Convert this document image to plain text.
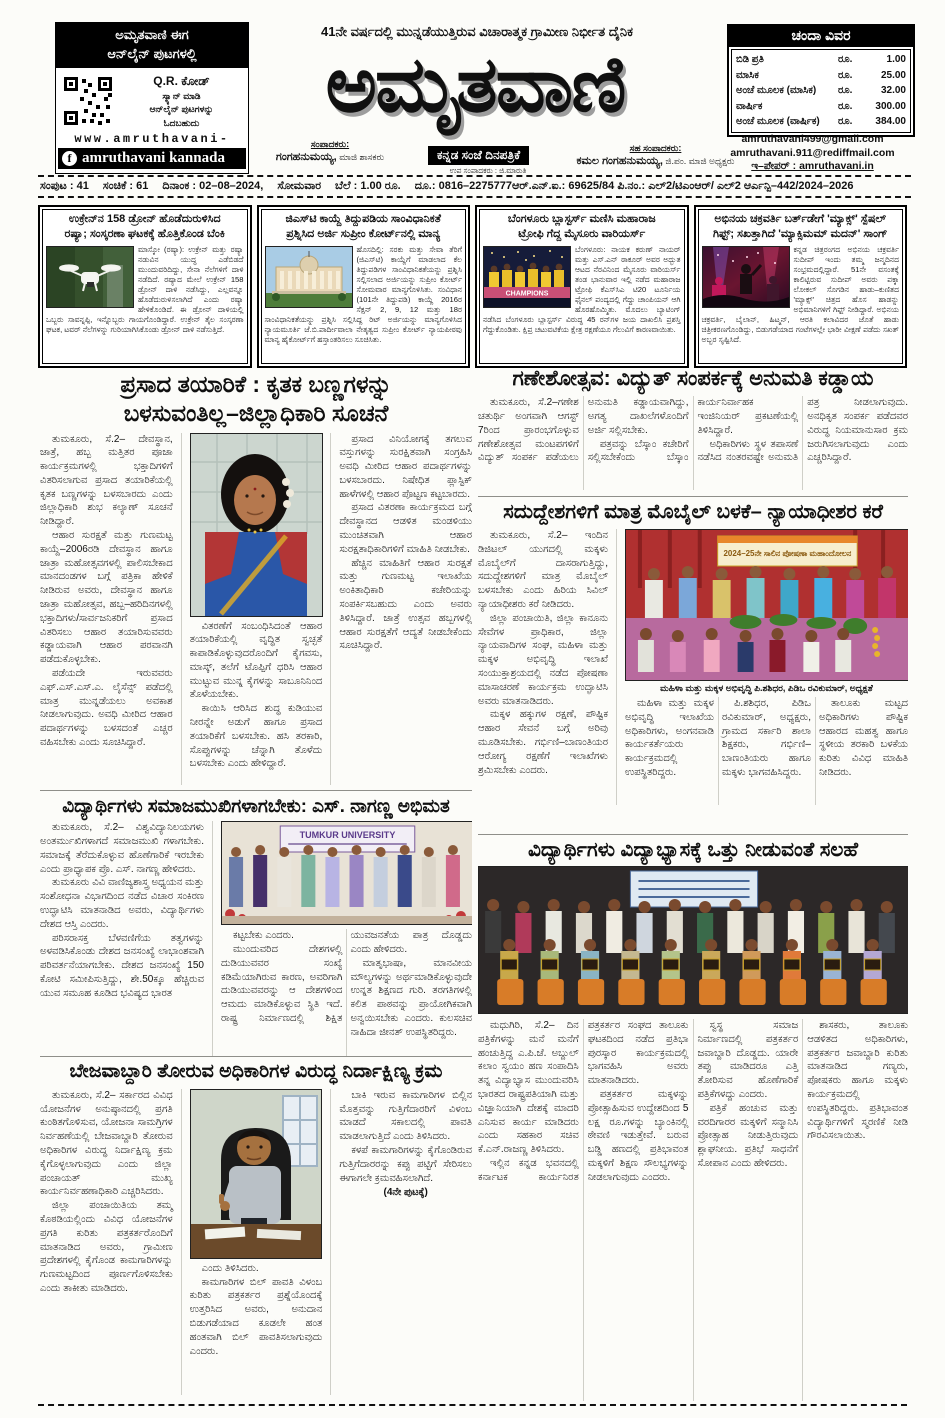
ಅಮೃತವಾಣಿ ಈಗ
ಆನ್‌ಲೈನ್ ಪುಟಗಳಲ್ಲಿ
Q.R. ಕೋಡ್
ಸ್ಕ್ಯಾನ್ ಮಾಡಿ
ಆನ್‌ಲೈನ್ ಪುಟಗಳನ್ನು
ಓದಬಹುದು
www.amruthavani-
f amruthavani kannada
41ನೇ ವರ್ಷದಲ್ಲಿ ಮುನ್ನಡೆಯುತ್ತಿರುವ ವಿಚಾರಾತ್ಮಕ ಗ್ರಾಮೀಣ ನಿರ್ಭೀತ ದೈನಿಕ
ಅಮೃತವಾಣಿ
ಸಂಪಾದಕರು:
ಗಂಗಹನುಮಯ್ಯ, ಮಾಜಿ ಶಾಸಕರು	ಕನ್ನಡ ಸಂಜೆ ದಿನಪತ್ರಿಕೆ
ಉಪ ಸಂಪಾದಕರು : ಜಿ.ಮಾರುತಿ
ಸಹ ಸಂಪಾದಕರು:
ಕಮಲ ಗಂಗಹನುಮಯ್ಯ, ಜಿ.ಪಂ. ಮಾಜಿ ಅಧ್ಯಕ್ಷರು
ಚಂದಾ ವಿವರ
ಬಿಡಿ ಪ್ರತಿ	ರೂ.	1.00
ಮಾಸಿಕ	ರೂ.	25.00
ಅಂಚೆ ಮೂಲಕ (ಮಾಸಿಕ)	ರೂ.	32.00
ವಾರ್ಷಿಕ	ರೂ.	300.00
ಅಂಚೆ ಮೂಲಕ (ವಾರ್ಷಿಕ)	ರೂ.	384.00
amruthavani499@gmail.com
amruthavani.911@rediffmail.com
ಇ–ಪೇಪರ್ : amruthavani.in
ಸಂಪುಟ : 41 ಸಂಚಿಕೆ : 61 ದಿನಾಂಕ : 02–08–2024, ಸೋಮವಾರ ಬೆಲೆ : 1.00 ರೂ. ದೂ.: 0816–2275777ಆರ್.ಎನ್.ಐ.: 69625/84 ಪಿ.ನಂ.: ಎಲ್2/ಟಿಎಂಆರ್/ ಎಲ್2 ಆರ್ಎನ್ಪಿ–442/2024–2026
ಉಕ್ರೇನ್‌ನ 158 ಡ್ರೋನ್ ಹೊಡೆದುರುಳಿಸಿದ
ರಷ್ಯಾ; ಸಂಸ್ಕರಣಾ ಘಟಕಕ್ಕೆ ಹೊತ್ತಿಕೊಂಡ ಬೆಂಕಿ

ಮಾಸ್ಕೋ (ರಷ್ಯಾ): ಉಕ್ರೇನ್ ಮತ್ತು ರಷ್ಯಾ ನಡುವಿನ ಯುದ್ಧ ಎಡೆಬಿಡದೆ ಮುಂದುವರಿದಿದ್ದು, ಸೇನಾ ನೆಲೆಗಳಿಗೆ ದಾಳಿ ನಡೆದಿದೆ. ರಷ್ಯಾದ ಮೇಲೆ ಉಕ್ರೇನ್ 158 ಡ್ರೋನ್ ದಾಳಿ ನಡೆಸಿದ್ದು, ಎಲ್ಲವನ್ನೂ ಹೊಡೆದುರುಳಿಸಲಾಗಿದೆ ಎಂದು ರಷ್ಯಾ ಹೇಳಿಕೊಂಡಿದೆ. ಈ ಡ್ರೋನ್ ದಾಳಿಯಲ್ಲಿ ಒಬ್ಬರು ಸಾವನ್ನಪ್ಪಿ, ಇನ್ನೊಬ್ಬರು ಗಾಯಗೊಂಡಿದ್ದಾರೆ. ಉಕ್ರೇನ್ ತೈಲ ಸಂಸ್ಕರಣಾ ಘಟಕ, ಟವರ್ ನೆಲೆಗಳನ್ನು ಗುರಿಯಾಗಿಸಿಕೊಂಡು ಡ್ರೋನ್ ದಾಳಿ ನಡೆಸುತ್ತಿದೆ.

ಜಿಎಸ್‌ಟಿ ಕಾಯ್ದೆ ತಿದ್ದುಪಡಿಯ ಸಾಂವಿಧಾನಿಕತೆ
ಪ್ರಶ್ನಿಸಿದ ಅರ್ಜಿ ಸುಪ್ರೀಂ ಕೋರ್ಟ್‌ನಲ್ಲಿ ಮಾನ್ಯ

ಹೊಸದಿಲ್ಲಿ: ಸರಕು ಮತ್ತು ಸೇವಾ ತೆರಿಗೆ (ಜಿಎಸ್‌ಟಿ) ಕಾಯ್ದೆಗೆ ಮಾಡಲಾದ ಕೆಲ ತಿದ್ದುಪಡಿಗಳ ಸಾಂವಿಧಾನಿಕತೆಯನ್ನು ಪ್ರಶ್ನಿಸಿ ಸಲ್ಲಿಸಲಾದ ಅರ್ಜಿಯನ್ನು ಸುಪ್ರೀಂ ಕೋರ್ಟ್ ಸೋಮವಾರ ಮಾನ್ಯಗೊಳಿಸಿತು. ಸಂವಿಧಾನ (101ನೇ ತಿದ್ದುಪಡಿ) ಕಾಯ್ದೆ 2016ರ ಸೆಕ್ಷನ್ 2, 9, 12 ಮತ್ತು 18ರ ಸಾಂವಿಧಾನಿಕತೆಯನ್ನು ಪ್ರಶ್ನಿಸಿ ಸಲ್ಲಿಸಿದ್ದ ರಿಟ್ ಅರ್ಜಿಯನ್ನು ಮಾನ್ಯಗೊಳಿಸಿದ ನ್ಯಾಯಮೂರ್ತಿ ಜೆ.ಬಿ.ಪಾರ್ದೀವಾಲಾ ನೇತೃತ್ವದ ಸುಪ್ರೀಂ ಕೋರ್ಟ್ ನ್ಯಾಯಪೀಠವು ಮಾನ್ಯ ಹೈಕೋರ್ಟ್‌ಗೆ ಹಸ್ತಾಂತರಿಸಲು ಸೂಚಿಸಿತು.

ಬೆಂಗಳೂರು ಬ್ಲಾಸ್ಟರ್ಸ್ ಮಣಿಸಿ ಮಹಾರಾಜ
ಟ್ರೋಫಿ ಗೆದ್ದ ಮೈಸೂರು ವಾರಿಯರ್ಸ್
CHAMPIONS

ಬೆಂಗಳೂರು: ನಾಯಕ ಕರುಣ್ ನಾಯರ್ ಮತ್ತು ಎಸ್.ಎನ್ ಠಾಕೂರ್ ಅವರ ಅದ್ಭುತ ಆಟದ ನೆರವಿನಿಂದ ಮೈಸೂರು ವಾರಿಯರ್ಸ್ ತಂಡ ಭಾನುವಾರ ಇಲ್ಲಿ ನಡೆದ ಮಹಾರಾಜ ಟ್ರೋಫಿ ಕೆಎಸ್‌ಸಿಎ ಟಿ20 ಟೂರ್ನಿಯ ಫೈನಲ್ ಪಂದ್ಯದಲ್ಲಿ ಗೆದ್ದು ಚಾಂಪಿಯನ್ ಆಗಿ ಹೊರಹೊಮ್ಮಿತು. ಮೊದಲು ಬ್ಯಾಟಿಂಗ್ ನಡೆಸಿದ ಬೆಂಗಳೂರು ಬ್ಲಾಸ್ಟರ್ಸ್ ವಿರುದ್ಧ 45 ರನ್‌ಗಳ ಜಯ ದಾಖಲಿಸಿ ಪ್ರಶಸ್ತಿ ಗೆದ್ದುಕೊಂಡಿತು. ಕ್ಷಿಪ್ರ ಚಟುವಟಿಕೆಯ ಕ್ಷೇತ್ರ ರಕ್ಷಣೆಯೂ ಗೆಲುವಿಗೆ ಕಾರಣವಾಯಿತು.

ಅಭಿನಯ ಚಕ್ರವರ್ತಿ ಬರ್ತ್‌ಡೇಗೆ 'ಮ್ಯಾಕ್ಸ್' ಸ್ಪೆಷಲ್
ಗಿಫ್ಟ್; ಸಖತ್ತಾಗಿದೆ 'ಮ್ಯಾಕ್ಸಿಮಮ್ ಮದನ್' ಸಾಂಗ್

ಕನ್ನಡ ಚಿತ್ರರಂಗದ ಅಭಿನಯ ಚಕ್ರವರ್ತಿ ಸುದೀಪ್ ಇಂದು ತಮ್ಮ ಜನ್ಮದಿನದ ಸಂಭ್ರಮದಲ್ಲಿದ್ದಾರೆ. 51ನೇ ವಸಂತಕ್ಕೆ ಕಾಲಿಟ್ಟಿರುವ ಸುದೀಪ್ ಅವರು ಪಕ್ಕಾ ಲೋಕಲ್ ಸೊಗಡಿನ ಹಾಡು–ಕುಣಿತದ 'ಮ್ಯಾಕ್ಸ್' ಚಿತ್ರದ ಹೊಸ ಹಾಡನ್ನು ಅಭಿಮಾನಿಗಳಿಗೆ ಗಿಫ್ಟ್ ನೀಡಿದ್ದಾರೆ. ಅಭಿನಯ ಚಕ್ರವರ್ತಿ, ಬೈಲಾನ್, ಹಿಟ್ಮನ್, ಆರತಿ ಕಲಾವಿದರ ಜೊತೆ ಹಾಡು ಚಿತ್ರೀಕರಣಗೊಂಡಿದ್ದು, ಬಿಡುಗಡೆಯಾದ ಗಂಟೆಗಳಲ್ಲೇ ಭಾರೀ ವೀಕ್ಷಣೆ ಪಡೆದು ಸಖತ್ ಅಬ್ಬರ ಸೃಷ್ಟಿಸಿದೆ.

ಪ್ರಸಾದ ತಯಾರಿಕೆ : ಕೃತಕ ಬಣ್ಣಗಳನ್ನು
ಬಳಸುವಂತಿಲ್ಲ–ಜಿಲ್ಲಾಧಿಕಾರಿ ಸೂಚನೆ

ತುಮಕೂರು, ಸೆ.2– ದೇವಸ್ಥಾನ, ಜಾತ್ರೆ, ಹಬ್ಬ ಮತ್ತಿತರ ಪೂಜಾ ಕಾರ್ಯಕ್ರಮಗಳಲ್ಲಿ ಭಕ್ತಾದಿಗಳಿಗೆ ವಿತರಿಸಲಾಗುವ ಪ್ರಸಾದ ತಯಾರಿಕೆಯಲ್ಲಿ ಕೃತಕ ಬಣ್ಣಗಳನ್ನು ಬಳಸಬಾರದು ಎಂದು ಜಿಲ್ಲಾಧಿಕಾರಿ ಶುಭ ಕಲ್ಯಾಣ್ ಸೂಚನೆ ನೀಡಿದ್ದಾರೆ.

ಆಹಾರ ಸುರಕ್ಷತೆ ಮತ್ತು ಗುಣಮಟ್ಟ ಕಾಯ್ದೆ–2006ರಡಿ ದೇವಸ್ಥಾನ ಹಾಗೂ ಜಾತ್ರಾ ಮಹೋತ್ಸವಗಳಲ್ಲಿ ಪಾಲಿಸಬೇಕಾದ ಮಾನದಂಡಗಳ ಬಗ್ಗೆ ಪತ್ರಿಕಾ ಹೇಳಿಕೆ ನೀಡಿರುವ ಅವರು, ದೇವಸ್ಥಾನ ಹಾಗೂ ಜಾತ್ರಾ ಮಹೋತ್ಸವ, ಹಬ್ಬ–ಹರಿದಿನಗಳಲ್ಲಿ ಭಕ್ತಾದಿಗಳು/ಸಾರ್ವಜನಿಕರಿಗೆ ಪ್ರಸಾದ ವಿತರಿಸಲು ಆಹಾರ ತಯಾರಿಸುವವರು ಕಡ್ಡಾಯವಾಗಿ ಆಹಾರ ಪರವಾನಗಿ ಪಡೆದುಕೊಳ್ಳಬೇಕು.

ಪಡೆಯದೇ ಇರುವವರು ಎಫ್.ಎಸ್.ಎಸ್.ಎ. ಲೈಸೆನ್ಸ್ ಪಡೆದಲ್ಲಿ ಮಾತ್ರ ಮುನ್ನಡೆಯಲು ಅವಕಾಶ ನೀಡಲಾಗುವುದು. ಅವಧಿ ಮೀರಿದ ಆಹಾರ ಪದಾರ್ಥಗಳನ್ನು ಬಳಸದಂತೆ ಎಚ್ಚರ ವಹಿಸಬೇಕು ಎಂದು ಸೂಚಿಸಿದ್ದಾರೆ.

ವಿತರಣೆಗೆ ಸಂಬಂಧಿಸಿದಂತೆ ಆಹಾರ ತಯಾರಿಕೆಯಲ್ಲಿ ವೃದ್ಧಿತ ಸ್ವಚ್ಛತೆ ಕಾಪಾಡಿಕೊಳ್ಳುವುದರೊಂದಿಗೆ ಕೈಗವಸು, ಮಾಸ್ಕ್, ತಲೆಗೆ ಟೊಪ್ಪಿಗೆ ಧರಿಸಿ ಆಹಾರ ಮುಟ್ಟುವ ಮುನ್ನ ಕೈಗಳನ್ನು ಸಾಬೂನಿನಿಂದ ತೊಳೆಯಬೇಕು.

ಕಾಯಿಸಿ ಆರಿಸಿದ ಶುದ್ಧ ಕುಡಿಯುವ ನೀರನ್ನೇ ಅಡುಗೆ ಹಾಗೂ ಪ್ರಸಾದ ತಯಾರಿಕೆಗೆ ಬಳಸಬೇಕು. ಹಸಿ ತರಕಾರಿ, ಸೊಪ್ಪುಗಳನ್ನು ಚೆನ್ನಾಗಿ ತೊಳೆದು ಬಳಸಬೇಕು ಎಂದು ಹೇಳಿದ್ದಾರೆ.

ಪ್ರಸಾದ ವಿನಿಯೋಗಕ್ಕೆ ತಗಲುವ ವಸ್ತುಗಳನ್ನು ಸುರಕ್ಷಿತವಾಗಿ ಸಂಗ್ರಹಿಸಿ ಅವಧಿ ಮೀರಿದ ಆಹಾರ ಪದಾರ್ಥಗಳನ್ನು ಬಳಸಬಾರದು. ನಿಷೇಧಿತ ಪ್ಲಾಸ್ಟಿಕ್ ಹಾಳೆಗಳಲ್ಲಿ ಆಹಾರ ಪೊಟ್ಟಣ ಕಟ್ಟಬಾರದು.

ಪ್ರಸಾದ ವಿತರಣಾ ಕಾರ್ಯಕ್ರಮದ ಬಗ್ಗೆ ದೇವಸ್ಥಾನದ ಆಡಳಿತ ಮಂಡಳಿಯು ಮುಂಚಿತವಾಗಿ ಆಹಾರ ಸುರಕ್ಷತಾಧಿಕಾರಿಗಳಿಗೆ ಮಾಹಿತಿ ನೀಡಬೇಕು.

ಹೆಚ್ಚಿನ ಮಾಹಿತಿಗೆ ಆಹಾರ ಸುರಕ್ಷತೆ ಮತ್ತು ಗುಣಮಟ್ಟ ಇಲಾಖೆಯ ಅಂಕಿತಾಧಿಕಾರಿ ಕಚೇರಿಯನ್ನು ಸಂಪರ್ಕಿಸಬಹುದು ಎಂದು ಅವರು ತಿಳಿಸಿದ್ದಾರೆ. ಜಾತ್ರೆ ಉತ್ಸವ ಹಬ್ಬಗಳಲ್ಲಿ ಆಹಾರ ಸುರಕ್ಷತೆಗೆ ಆದ್ಯತೆ ನೀಡಬೇಕೆಂದು ಸೂಚಿಸಿದ್ದಾರೆ.

ಗಣೇಶೋತ್ಸವ: ವಿದ್ಯುತ್ ಸಂಪರ್ಕಕ್ಕೆ ಅನುಮತಿ ಕಡ್ಡಾಯ

ತುಮಕೂರು, ಸೆ.2–ಗಣೇಶ ಚತುರ್ಥಿ ಅಂಗವಾಗಿ ಆಗಸ್ಟ್ 7ರಿಂದ ಪ್ರಾರಂಭಗೊಳ್ಳುವ ಗಣೇಶೋತ್ಸವ ಮಂಟಪಗಳಿಗೆ ವಿದ್ಯುತ್ ಸಂಪರ್ಕ ಪಡೆಯಲು ಅನುಮತಿ ಕಡ್ಡಾಯವಾಗಿದ್ದು, ಅಗತ್ಯ ದಾಖಲೆಗಳೊಂದಿಗೆ ಅರ್ಜಿ ಸಲ್ಲಿಸಬೇಕು.

ಪತ್ರವನ್ನು ಬೆಸ್ಕಾಂ ಕಚೇರಿಗೆ ಸಲ್ಲಿಸಬೇಕೆಂದು ಬೆಸ್ಕಾಂ ಕಾರ್ಯನಿರ್ವಾಹಕ ಇಂಜಿನಿಯರ್ ಪ್ರಕಟಣೆಯಲ್ಲಿ ತಿಳಿಸಿದ್ದಾರೆ.

ಅಧಿಕಾರಿಗಳು ಸ್ಥಳ ತಪಾಸಣೆ ನಡೆಸಿದ ನಂತರವಷ್ಟೇ ಅನುಮತಿ ಪತ್ರ ನೀಡಲಾಗುವುದು. ಅನಧಿಕೃತ ಸಂಪರ್ಕ ಪಡೆದವರ ವಿರುದ್ಧ ನಿಯಮಾನುಸಾರ ಕ್ರಮ ಜರುಗಿಸಲಾಗುವುದು ಎಂದು ಎಚ್ಚರಿಸಿದ್ದಾರೆ.

ಸದುದ್ದೇಶಗಳಿಗೆ ಮಾತ್ರ ಮೊಬೈಲ್ ಬಳಕೆ– ನ್ಯಾಯಾಧೀಶರ ಕರೆ

ತುಮಕೂರು, ಸೆ.2– ಇಂದಿನ ಡಿಜಿಟಲ್ ಯುಗದಲ್ಲಿ ಮಕ್ಕಳು ಮೊಬೈಲ್‌ಗೆ ದಾಸರಾಗುತ್ತಿದ್ದು, ಸದುದ್ದೇಶಗಳಿಗೆ ಮಾತ್ರ ಮೊಬೈಲ್ ಬಳಸಬೇಕು ಎಂದು ಹಿರಿಯ ಸಿವಿಲ್ ನ್ಯಾಯಾಧೀಶರು ಕರೆ ನೀಡಿದರು.

ಜಿಲ್ಲಾ ಪಂಚಾಯಿತಿ, ಜಿಲ್ಲಾ ಕಾನೂನು ಸೇವೆಗಳ ಪ್ರಾಧಿಕಾರ, ಜಿಲ್ಲಾ ನ್ಯಾಯವಾದಿಗಳ ಸಂಘ, ಮಹಿಳಾ ಮತ್ತು ಮಕ್ಕಳ ಅಭಿವೃದ್ಧಿ ಇಲಾಖೆ ಸಂಯುಕ್ತಾಶ್ರಯದಲ್ಲಿ ನಡೆದ ಪೋಷಣಾ ಮಾಸಾಚರಣೆ ಕಾರ್ಯಕ್ರಮ ಉದ್ಘಾಟಿಸಿ ಅವರು ಮಾತನಾಡಿದರು.

ಮಕ್ಕಳ ಹಕ್ಕುಗಳ ರಕ್ಷಣೆ, ಪೌಷ್ಟಿಕ ಆಹಾರ ಸೇವನೆ ಬಗ್ಗೆ ಅರಿವು ಮೂಡಿಸಬೇಕು. ಗರ್ಭಿಣಿ–ಬಾಣಂತಿಯರ ಆರೋಗ್ಯ ರಕ್ಷಣೆಗೆ ಇಲಾಖೆಗಳು ಶ್ರಮಿಸಬೇಕು ಎಂದರು.

2024–25ನೇ ಸಾಲಿನ ಪೋಷಣಾ ಮಹಾಂದೋಲನ
ಮಹಿಳಾ ಮತ್ತು ಮಕ್ಕಳ ಅಭಿವೃದ್ಧಿ ಪಿ.ಶಶಿಧರ, ಪಿಡಿಒ ರವಿಕುಮಾರ್, ಅಧ್ಯಕ್ಷತೆ

ಮಹಿಳಾ ಮತ್ತು ಮಕ್ಕಳ ಅಭಿವೃದ್ಧಿ ಇಲಾಖೆಯ ಅಧಿಕಾರಿಗಳು, ಅಂಗನವಾಡಿ ಕಾರ್ಯಕರ್ತೆಯರು ಕಾರ್ಯಕ್ರಮದಲ್ಲಿ ಉಪಸ್ಥಿತರಿದ್ದರು.

ಪಿ.ಶಶಿಧರ, ಪಿಡಿಒ ರವಿಕುಮಾರ್, ಅಧ್ಯಕ್ಷರು, ಗ್ರಾಮದ ಸರ್ಕಾರಿ ಶಾಲಾ ಶಿಕ್ಷಕರು, ಗರ್ಭಿಣಿ–ಬಾಣಂತಿಯರು ಹಾಗೂ ಮಕ್ಕಳು ಭಾಗವಹಿಸಿದ್ದರು.

ತಾಲೂಕು ಮಟ್ಟದ ಅಧಿಕಾರಿಗಳು ಪೌಷ್ಟಿಕ ಆಹಾರದ ಮಹತ್ವ ಹಾಗೂ ಸ್ಥಳೀಯ ತರಕಾರಿ ಬಳಕೆಯ ಕುರಿತು ವಿವಿಧ ಮಾಹಿತಿ ನೀಡಿದರು.

ವಿದ್ಯಾರ್ಥಿಗಳು ಸಮಾಜಮುಖಿಗಳಾಗಬೇಕು: ಎಸ್. ನಾಗಣ್ಣ ಅಭಿಮತ

ತುಮಕೂರು, ಸೆ.2– ವಿಶ್ವವಿದ್ಯಾನಿಲಯಗಳು ಅಂತರ್ಮುಖಿಗಳಾಗದೆ ಸಮಾಜಮುಖಿ ಗಳಾಗಬೇಕು. ಸಮಾಜಕ್ಕೆ ತೆರೆದುಕೊಳ್ಳುವ ಹೊಣೆಗಾರಿಕೆ ಇರಬೇಕು ಎಂದು ಪ್ರಾಧ್ಯಾಪಕ ಪ್ರೊ. ಎಸ್. ನಾಗಣ್ಣ ಹೇಳಿದರು.

ತುಮಕೂರು ವಿವಿ ವಾಣಿಜ್ಯಶಾಸ್ತ್ರ ಅಧ್ಯಯನ ಮತ್ತು ಸಂಶೋಧನಾ ವಿಭಾಗದಿಂದ ನಡೆದ ವಿಚಾರ ಸಂಕಿರಣ ಉದ್ಘಾಟಿಸಿ ಮಾತನಾಡಿದ ಅವರು, ವಿದ್ಯಾರ್ಥಿಗಳು ದೇಶದ ಆಸ್ತಿ ಎಂದರು.

ಪರಿಸರಾಸಕ್ತ ಬೆಳವಣಿಗೆಯ ತತ್ವಗಳನ್ನು ಅಳವಡಿಸಿಕೊಂಡು ದೇಶದ ಜನಸಂಖ್ಯೆ ಲಾಭಾಂಶವಾಗಿ ಪರಿವರ್ತನೆಯಾಗಬೇಕು. ದೇಶದ ಜನಸಂಖ್ಯೆ 150 ಕೋಟಿ ಸಮೀಪಿಸುತ್ತಿದ್ದು, ಶೇ.50ಕ್ಕೂ ಹೆಚ್ಚಿರುವ ಯುವ ಸಮೂಹ ಕೂಡಿದ ಭವಿಷ್ಯದ ಭಾರತ

TUMKUR UNIVERSITY

ಕಟ್ಟಬೇಕು ಎಂದರು.

ಮುಂದುವರಿದ ದೇಶಗಳಲ್ಲಿ ದುಡಿಯುವವರ ಸಂಖ್ಯೆ ಕಡಿಮೆಯಾಗಿರುವ ಕಾರಣ, ಅವರಿಗಾಗಿ ದುಡಿಯುವವರನ್ನು ಆ ದೇಶಗಳಿಂದ ಆಮದು ಮಾಡಿಕೊಳ್ಳುವ ಸ್ಥಿತಿ ಇದೆ. ರಾಷ್ಟ್ರ ನಿರ್ಮಾಣದಲ್ಲಿ ಶಿಕ್ಷಿತ ಯುವಜನತೆಯ ಪಾತ್ರ ದೊಡ್ಡದು ಎಂದು ಹೇಳಿದರು.

ಮಾತೃಭಾಷಾ, ಮಾನವೀಯ ಮೌಲ್ಯಗಳನ್ನು ಅರ್ಥಮಾಡಿಕೊಳ್ಳುವುದೇ ಉನ್ನತ ಶಿಕ್ಷಣದ ಗುರಿ. ತರಗತಿಗಳಲ್ಲಿ ಕಲಿತ ಪಾಠವನ್ನು ಪ್ರಾಯೋಗಿಕವಾಗಿ ಅನ್ವಯಿಸಬೇಕು ಎಂದರು. ಕುಲಸಚಿವ ನಾಹಿದಾ ಜೀನತ್ ಉಪಸ್ಥಿತರಿದ್ದರು.

ವಿದ್ಯಾರ್ಥಿಗಳು ವಿದ್ಯಾಭ್ಯಾಸಕ್ಕೆ ಒತ್ತು ನೀಡುವಂತೆ ಸಲಹೆ

ಮಧುಗಿರಿ, ಸೆ.2– ದಿನ ಪತ್ರಿಕೆಗಳನ್ನು ಮನೆ ಮನೆಗೆ ಹಂಚುತ್ತಿದ್ದ ಎ.ಪಿ.ಜೆ. ಅಬ್ದುಲ್ ಕಲಾಂ ಸ್ವಯಂ ಹಣ ಸಂಪಾದಿಸಿ ತನ್ನ ವಿದ್ಯಾಭ್ಯಾಸ ಮುಂದುವರಿಸಿ ಭಾರತದ ರಾಷ್ಟ್ರಪತಿಯಾಗಿ ಮತ್ತು ವಿಜ್ಞಾನಿಯಾಗಿ ದೇಶಕ್ಕೆ ಮಾದರಿ ಎನಿಸುವ ಕಾರ್ಯ ಮಾಡಿದರು ಎಂದು ಸಹಕಾರ ಸಚಿವ ಕೆ.ಎನ್.ರಾಜಣ್ಣ ತಿಳಿಸಿದರು.

ಇಲ್ಲಿನ ಕನ್ನಡ ಭವನದಲ್ಲಿ ಕರ್ನಾಟಕ ಕಾರ್ಯನಿರತ ಪತ್ರಕರ್ತರ ಸಂಘದ ತಾಲೂಕು ಘಟಕದಿಂದ ನಡೆದ ಪ್ರತಿಭಾ ಪುರಸ್ಕಾರ ಕಾರ್ಯಕ್ರಮದಲ್ಲಿ ಭಾಗವಹಿಸಿ ಅವರು ಮಾತನಾಡಿದರು.

ಪತ್ರಕರ್ತರ ಮಕ್ಕಳನ್ನು ಪ್ರೋತ್ಸಾಹಿಸುವ ಉದ್ದೇಶದಿಂದ 5 ಲಕ್ಷ ರೂ.ಗಳನ್ನು ಬ್ಯಾಂಕಿನಲ್ಲಿ ಠೇವಣಿ ಇಡುತ್ತೇವೆ. ಬರುವ ಬಡ್ಡಿ ಹಣದಲ್ಲಿ ಪ್ರತಿಭಾವಂತ ಮಕ್ಕಳಿಗೆ ಶಿಕ್ಷಣ ಸೌಲಭ್ಯಗಳನ್ನು ನೀಡಲಾಗುವುದು ಎಂದರು.

ಸ್ವಸ್ಥ ಸಮಾಜ ನಿರ್ಮಾಣದಲ್ಲಿ ಪತ್ರಕರ್ತರ ಜವಾಬ್ದಾರಿ ದೊಡ್ಡದು. ಯಾರೇ ತಪ್ಪು ಮಾಡಿದರೂ ಎತ್ತಿ ತೋರಿಸುವ ಹೊಣೆಗಾರಿಕೆ ಪತ್ರಿಕೆಗಳದ್ದು ಎಂದರು.

ಪತ್ರಿಕೆ ಹಂಚುವ ಮತ್ತು ವರದಿಗಾರರ ಮಕ್ಕಳಿಗೆ ಸನ್ಮಾನಿಸಿ ಪ್ರೋತ್ಸಾಹ ನೀಡುತ್ತಿರುವುದು ಶ್ಲಾಘನೀಯ. ಪ್ರತಿಭೆ ಸಾಧನೆಗೆ ಸೋಪಾನ ಎಂದು ಹೇಳಿದರು.

ಶಾಸಕರು, ತಾಲೂಕು ಆಡಳಿತದ ಅಧಿಕಾರಿಗಳು, ಪತ್ರಕರ್ತರ ಜವಾಬ್ದಾರಿ ಕುರಿತು ಮಾತನಾಡಿದ ಗಣ್ಯರು, ಪೋಷಕರು ಹಾಗೂ ಮಕ್ಕಳು ಕಾರ್ಯಕ್ರಮದಲ್ಲಿ ಉಪಸ್ಥಿತರಿದ್ದರು. ಪ್ರತಿಭಾವಂತ ವಿದ್ಯಾರ್ಥಿಗಳಿಗೆ ಸ್ಮರಣಿಕೆ ನೀಡಿ ಗೌರವಿಸಲಾಯಿತು.

ಬೇಜವಾಬ್ದಾರಿ ತೋರುವ ಅಧಿಕಾರಿಗಳ ವಿರುದ್ಧ ನಿರ್ದಾಕ್ಷಿಣ್ಯ ಕ್ರಮ

ತುಮಕೂರು, ಸೆ.2– ಸರ್ಕಾರದ ವಿವಿಧ ಯೋಜನೆಗಳ ಅನುಷ್ಠಾನದಲ್ಲಿ ಪ್ರಗತಿ ಕುಂಠಿತಗೊಳಿಸುವ, ಯೋಜನಾ ಸಾಮಗ್ರಿಗಳ ನಿರ್ವಹಣೆಯಲ್ಲಿ ಬೇಜವಾಬ್ದಾರಿ ತೋರುವ ಅಧಿಕಾರಿಗಳ ವಿರುದ್ಧ ನಿರ್ದಾಕ್ಷಿಣ್ಯ ಕ್ರಮ ಕೈಗೊಳ್ಳಲಾಗುವುದು ಎಂದು ಜಿಲ್ಲಾ ಪಂಚಾಯತ್ ಮುಖ್ಯ ಕಾರ್ಯನಿರ್ವಹಣಾಧಿಕಾರಿ ಎಚ್ಚರಿಸಿದರು.

ಜಿಲ್ಲಾ ಪಂಚಾಯಿತಿಯ ತಮ್ಮ ಕೊಠಡಿಯಲ್ಲಿಂದು ವಿವಿಧ ಯೋಜನೆಗಳ ಪ್ರಗತಿ ಕುರಿತು ಪತ್ರಕರ್ತರೊಂದಿಗೆ ಮಾತನಾಡಿದ ಅವರು, ಗ್ರಾಮೀಣ ಪ್ರದೇಶಗಳಲ್ಲಿ ಕೈಗೊಂಡ ಕಾಮಗಾರಿಗಳನ್ನು ಗುಣಮಟ್ಟದಿಂದ ಪೂರ್ಣಗೊಳಿಸಬೇಕು ಎಂದು ತಾಕೀತು ಮಾಡಿದರು.

ಎಂದು ತಿಳಿಸಿದರು.

ಕಾಮಗಾರಿಗಳ ಬಿಲ್ ಪಾವತಿ ವಿಳಂಬ ಕುರಿತು ಪತ್ರಕರ್ತರ ಪ್ರಶ್ನೆಯೊಂದಕ್ಕೆ ಉತ್ತರಿಸಿದ ಅವರು, ಅನುದಾನ ಬಿಡುಗಡೆಯಾದ ಕೂಡಲೇ ಹಂತ ಹಂತವಾಗಿ ಬಿಲ್ ಪಾವತಿಸಲಾಗುವುದು ಎಂದರು.

ಬಾಕಿ ಇರುವ ಕಾಮಗಾರಿಗಳ ಬಿಲ್ಲಿನ ಮೊತ್ತವನ್ನು ಗುತ್ತಿಗೆದಾರರಿಗೆ ವಿಳಂಬ ಮಾಡದೆ ಸಕಾಲದಲ್ಲಿ ಪಾವತಿ ಮಾಡಲಾಗುತ್ತಿದೆ ಎಂದು ತಿಳಿಸಿದರು.

ಕಳಪೆ ಕಾಮಗಾರಿಗಳನ್ನು ಕೈಗೊಂಡಿರುವ ಗುತ್ತಿಗೆದಾರರನ್ನು ಕಪ್ಪು ಪಟ್ಟಿಗೆ ಸೇರಿಸಲು ಈಗಾಗಲೇ ಕ್ರಮವಹಿಸಲಾಗಿದೆ.

(4ನೇ ಪುಟಕ್ಕೆ)
